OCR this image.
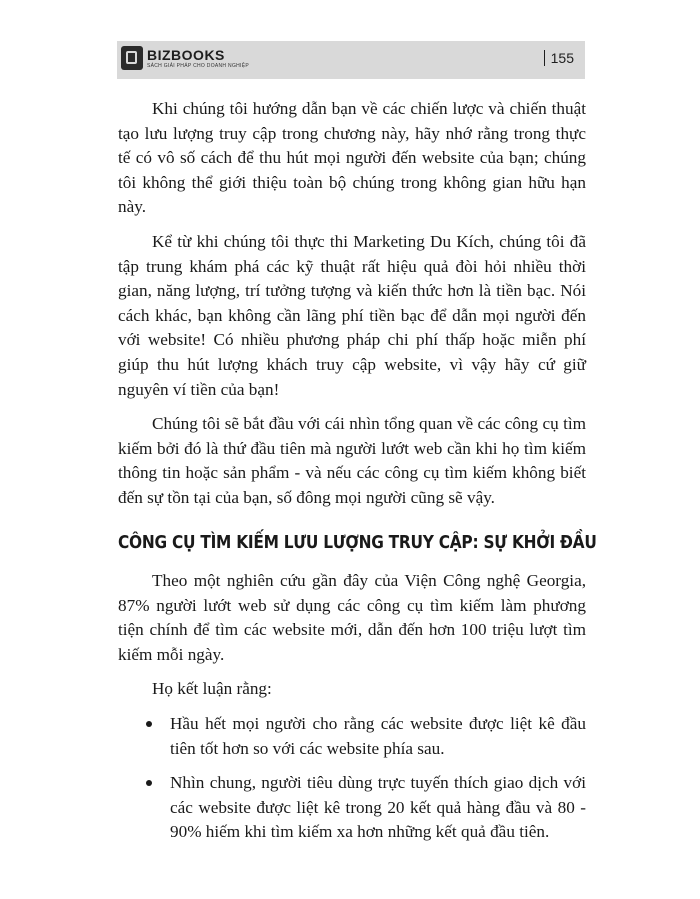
BIZBOOKS
SÁCH GIẢI PHÁP CHO DOANH NGHIỆP	155

Khi chúng tôi hướng dẫn bạn về các chiến lược và chiến thuật tạo lưu lượng truy cập trong chương này, hãy nhớ rằng trong thực tế có vô số cách để thu hút mọi người đến website của bạn; chúng tôi không thể giới thiệu toàn bộ chúng trong không gian hữu hạn này.

Kể từ khi chúng tôi thực thi Marketing Du Kích, chúng tôi đã tập trung khám phá các kỹ thuật rất hiệu quả đòi hỏi nhiều thời gian, năng lượng, trí tưởng tượng và kiến thức hơn là tiền bạc. Nói cách khác, bạn không cần lãng phí tiền bạc để dẫn mọi người đến với website! Có nhiều phương pháp chi phí thấp hoặc miễn phí giúp thu hút lượng khách truy cập website, vì vậy hãy cứ giữ nguyên ví tiền của bạn!

Chúng tôi sẽ bắt đầu với cái nhìn tổng quan về các công cụ tìm kiếm bởi đó là thứ đầu tiên mà người lướt web cần khi họ tìm kiếm thông tin hoặc sản phẩm - và nếu các công cụ tìm kiếm không biết đến sự tồn tại của bạn, số đông mọi người cũng sẽ vậy.

CÔNG CỤ TÌM KIẾM LƯU LƯỢNG TRUY CẬP: SỰ KHỞI ĐẦU

Theo một nghiên cứu gần đây của Viện Công nghệ Georgia, 87% người lướt web sử dụng các công cụ tìm kiếm làm phương tiện chính để tìm các website mới, dẫn đến hơn 100 triệu lượt tìm kiếm mỗi ngày.

Họ kết luận rằng:

Hầu hết mọi người cho rằng các website được liệt kê đầu tiên tốt hơn so với các website phía sau.
Nhìn chung, người tiêu dùng trực tuyến thích giao dịch với các website được liệt kê trong 20 kết quả hàng đầu và 80 - 90% hiếm khi tìm kiếm xa hơn những kết quả đầu tiên.
